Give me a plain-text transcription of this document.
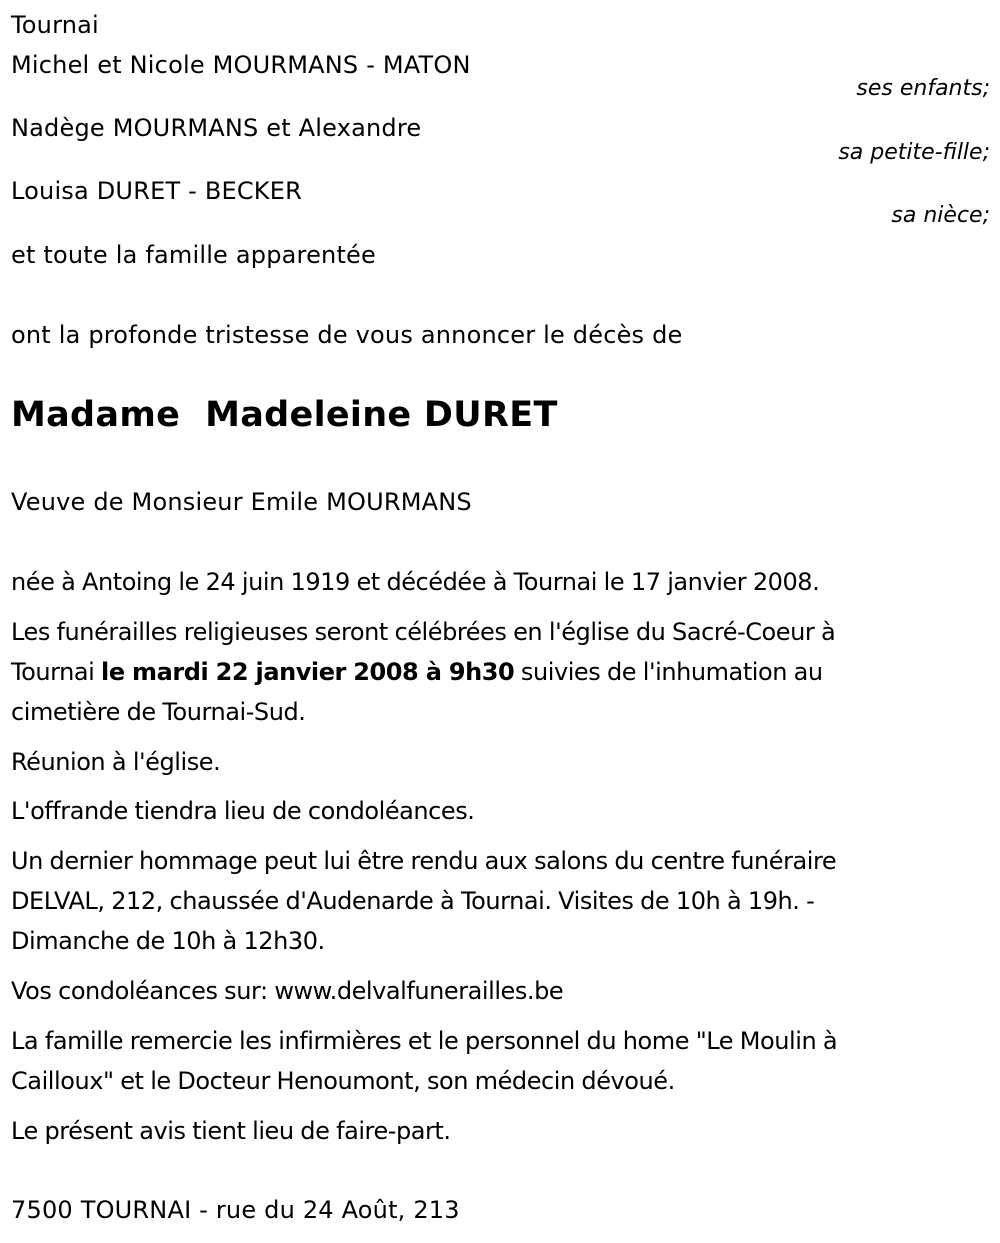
Tournai
Michel et Nicole MOURMANS - MATON
ses enfants;
Nadège MOURMANS et Alexandre
sa petite-fille;
Louisa DURET - BECKER
sa nièce;
et toute la famille apparentée
ont la profonde tristesse de vous annoncer le décès de
Madame Madeleine DURET
Veuve de Monsieur Emile MOURMANS
née à Antoing le 24 juin 1919 et décédée à Tournai le 17 janvier 2008.
Les funérailles religieuses seront célébrées en l'église du Sacré-Coeur à
Tournai le mardi 22 janvier 2008 à 9h30 suivies de l'inhumation au
cimetière de Tournai-Sud.
Réunion à l'église.
L'offrande tiendra lieu de condoléances.
Un dernier hommage peut lui être rendu aux salons du centre funéraire
DELVAL, 212, chaussée d'Audenarde à Tournai. Visites de 10h à 19h. -
Dimanche de 10h à 12h30.
Vos condoléances sur: www.delvalfunerailles.be
La famille remercie les infirmières et le personnel du home "Le Moulin à
Cailloux" et le Docteur Henoumont, son médecin dévoué.
Le présent avis tient lieu de faire-part.
7500 TOURNAI - rue du 24 Août, 213
